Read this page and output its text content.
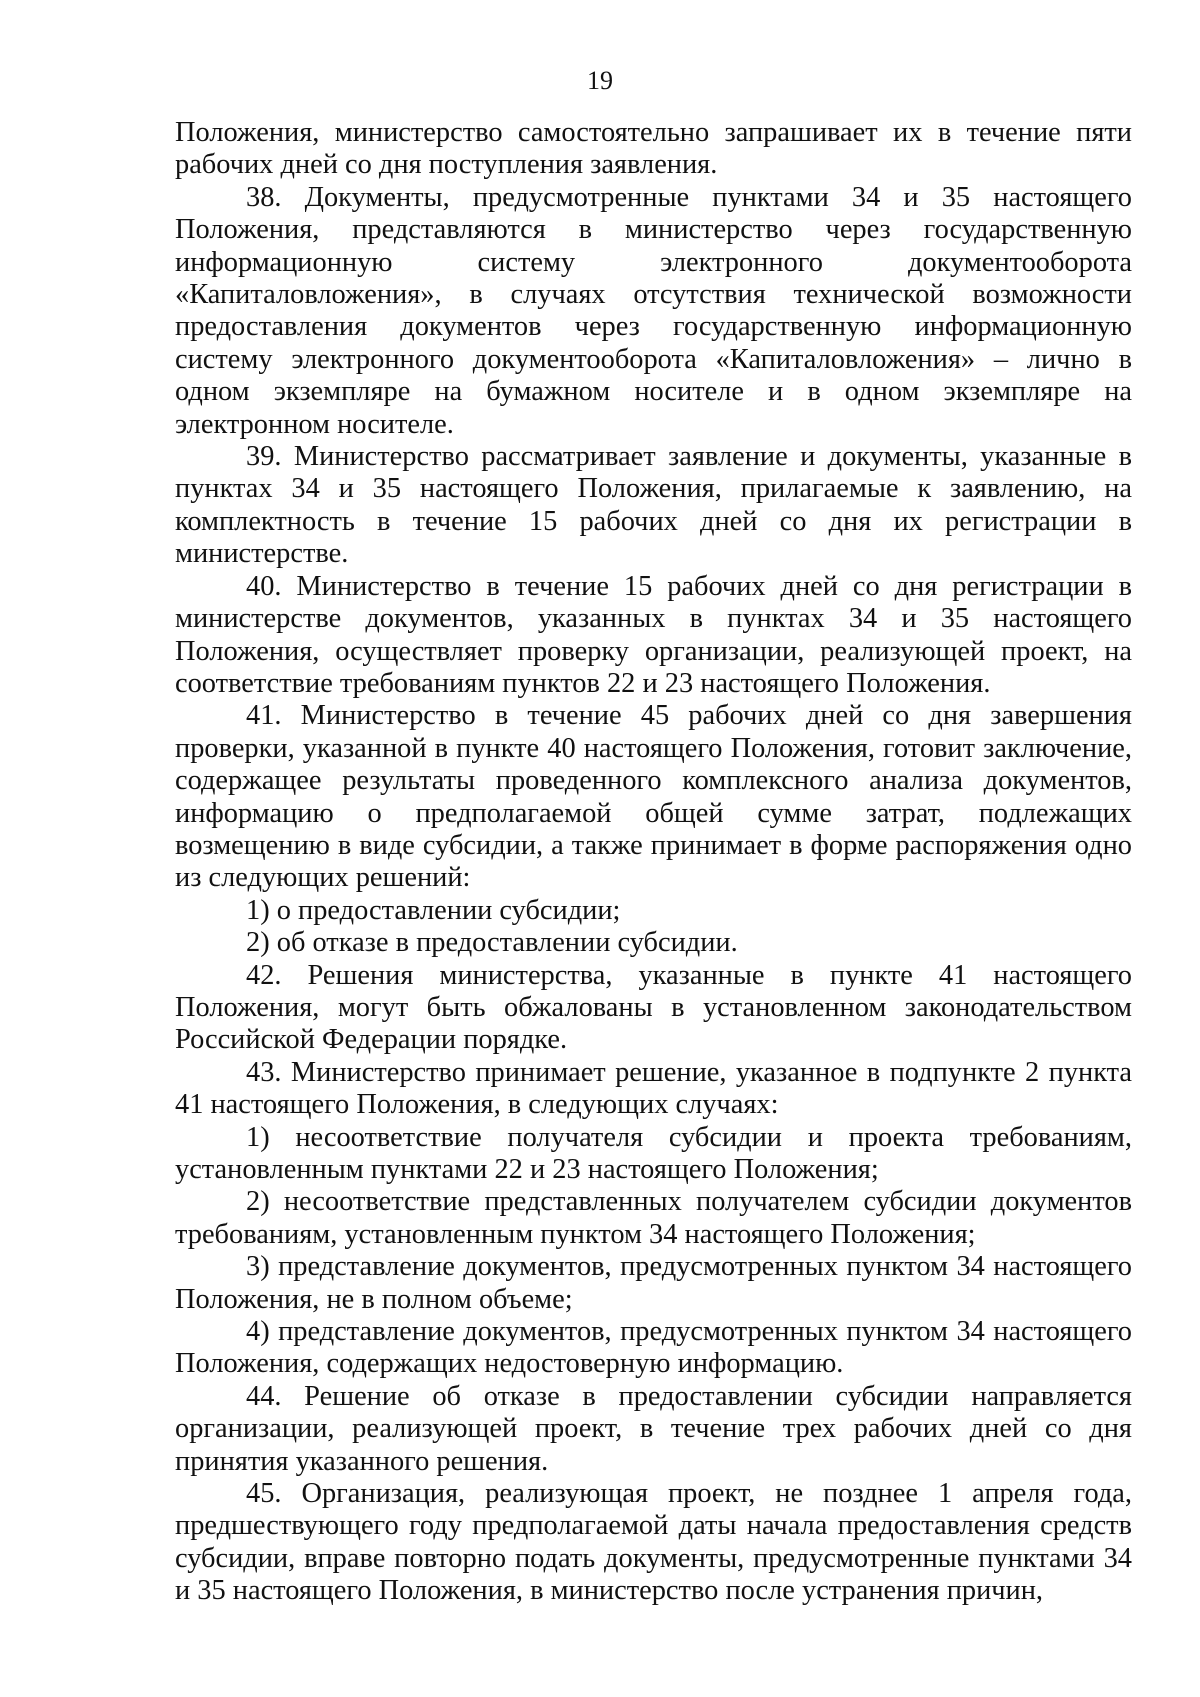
19

Положения, министерство самостоятельно запрашивает их в течение пяти рабочих дней со дня поступления заявления.

38. Документы, предусмотренные пунктами 34 и 35 настоящего Положения, представляются в министерство через государственную информационную систему электронного документооборота «Капиталовложения», в случаях отсутствия технической возможности предоставления документов через государственную информационную систему электронного документооборота «Капиталовложения» – лично в одном экземпляре на бумажном носителе и в одном экземпляре на электронном носителе.

39. Министерство рассматривает заявление и документы, указанные в пунктах 34 и 35 настоящего Положения, прилагаемые к заявлению, на комплектность в течение 15 рабочих дней со дня их регистрации в министерстве.

40. Министерство в течение 15 рабочих дней со дня регистрации в министерстве документов, указанных в пунктах 34 и 35 настоящего Положения, осуществляет проверку организации, реализующей проект, на соответствие требованиям пунктов 22 и 23 настоящего Положения.

41. Министерство в течение 45 рабочих дней со дня завершения проверки, указанной в пункте 40 настоящего Положения, готовит заключение, содержащее результаты проведенного комплексного анализа документов, информацию о предполагаемой общей сумме затрат, подлежащих возмещению в виде субсидии, а также принимает в форме распоряжения одно из следующих решений:

1) о предоставлении субсидии;

2) об отказе в предоставлении субсидии.

42. Решения министерства, указанные в пункте 41 настоящего Положения, могут быть обжалованы в установленном законодательством Российской Федерации порядке.

43. Министерство принимает решение, указанное в подпункте 2 пункта 41 настоящего Положения, в следующих случаях:

1) несоответствие получателя субсидии и проекта требованиям, установленным пунктами 22 и 23 настоящего Положения;

2) несоответствие представленных получателем субсидии документов требованиям, установленным пунктом 34 настоящего Положения;

3) представление документов, предусмотренных пунктом 34 настоящего Положения, не в полном объеме;

4) представление документов, предусмотренных пунктом 34 настоящего Положения, содержащих недостоверную информацию.

44. Решение об отказе в предоставлении субсидии направляется организации, реализующей проект, в течение трех рабочих дней со дня принятия указанного решения.

45. Организация, реализующая проект, не позднее 1 апреля года, предшествующего году предполагаемой даты начала предоставления средств субсидии, вправе повторно подать документы, предусмотренные пунктами 34 и 35 настоящего Положения, в министерство после устранения причин,
